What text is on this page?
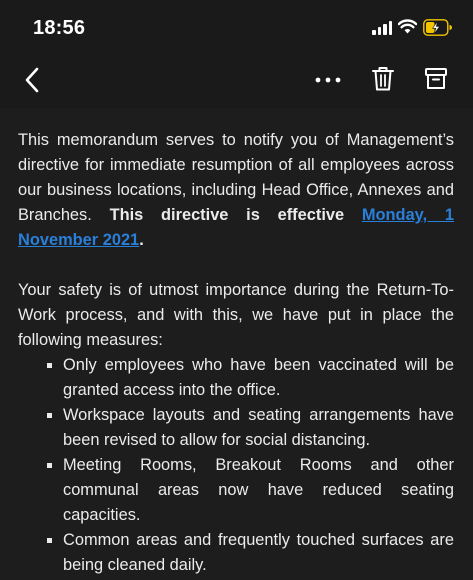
18:56

This memorandum serves to notify you of Management’s directive for immediate resumption of all employees across our business locations, including Head Office, Annexes and Branches. This directive is effective Monday, 1 November 2021.

Your safety is of utmost importance during the Return-To-Work process, and with this, we have put in place the following measures:

Only employees who have been vaccinated will be granted access into the office.
Workspace layouts and seating arrangements have been revised to allow for social distancing.
Meeting Rooms, Breakout Rooms and other communal areas now have reduced seating capacities.
Common areas and frequently touched surfaces are being cleaned daily.
